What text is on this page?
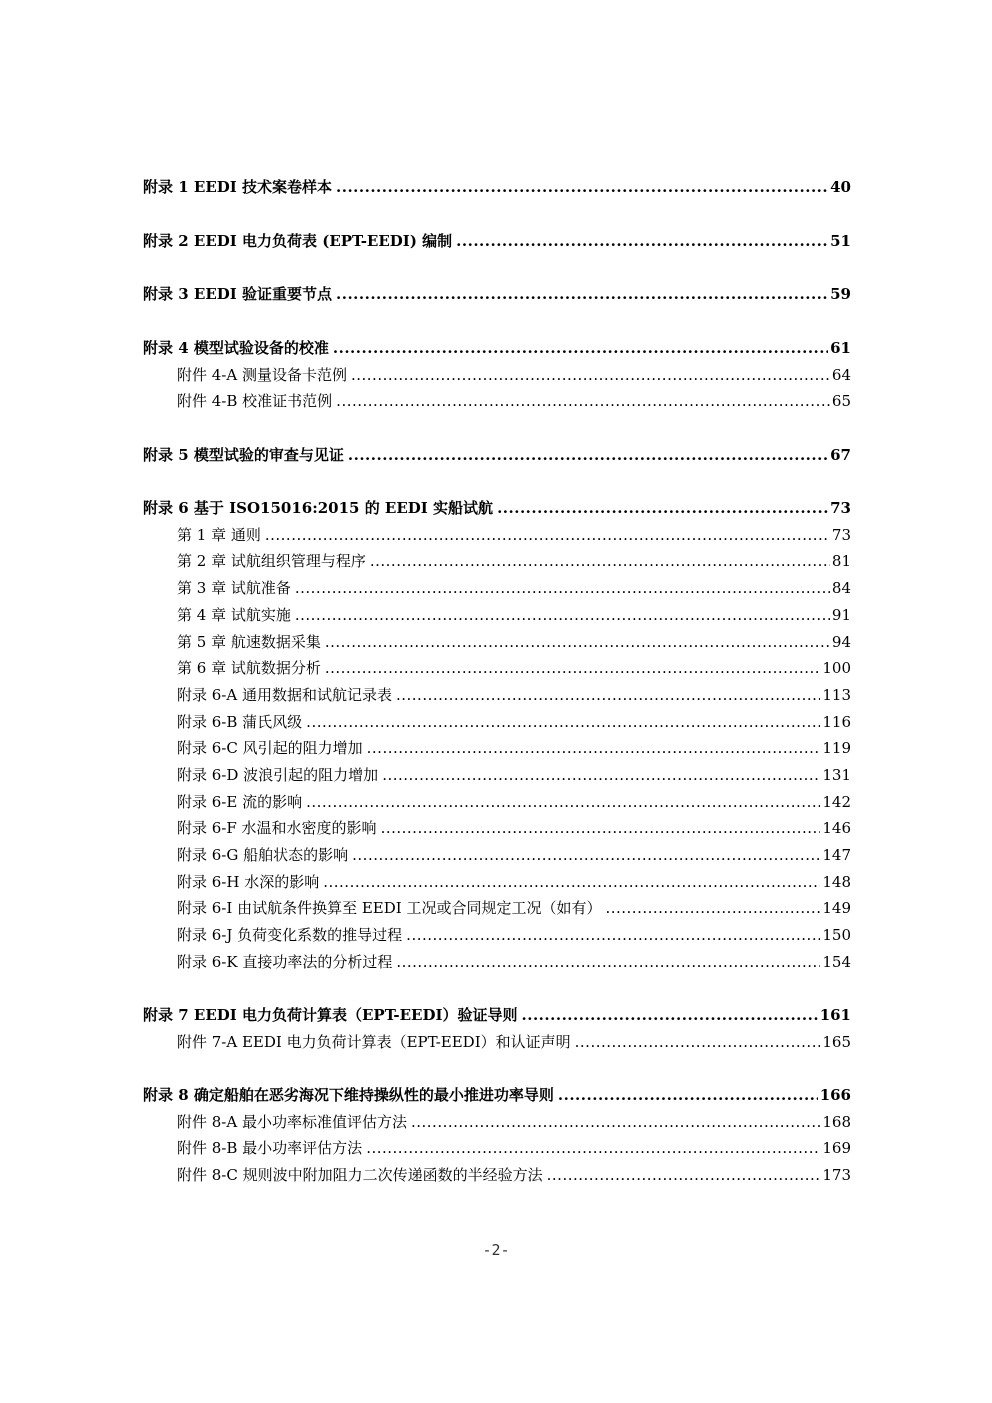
附录 1 EEDI 技术案卷样本 .....	40
附录 2 EEDI 电力负荷表 (EPT-EEDI) 编制 .....	51
附录 3 EEDI 验证重要节点 .....	59
附录 4 模型试验设备的校准 .....	61
附件 4-A 测量设备卡范例 .....	64
附件 4-B 校准证书范例 .....	65
附录 5 模型试验的审查与见证 .....	67
附录 6 基于 ISO15016:2015 的 EEDI 实船试航 .....	73
第 1 章 通则 .....	73
第 2 章 试航组织管理与程序 .....	81
第 3 章 试航准备 .....	84
第 4 章 试航实施 .....	91
第 5 章 航速数据采集 .....	94
第 6 章 试航数据分析 .....	100
附录 6-A 通用数据和试航记录表 .....	113
附录 6-B 蒲氏风级 .....	116
附录 6-C 风引起的阻力增加 .....	119
附录 6-D 波浪引起的阻力增加 .....	131
附录 6-E 流的影响 .....	142
附录 6-F 水温和水密度的影响 .....	146
附录 6-G 船舶状态的影响 .....	147
附录 6-H 水深的影响 .....	148
附录 6-I 由试航条件换算至 EEDI 工况或合同规定工况（如有） .....	149
附录 6-J 负荷变化系数的推导过程 .....	150
附录 6-K 直接功率法的分析过程 .....	154
附录 7 EEDI 电力负荷计算表（EPT-EEDI）验证导则 .....	161
附件 7-A EEDI 电力负荷计算表（EPT-EEDI）和认证声明 .....	165
附录 8 确定船舶在恶劣海况下维持操纵性的最小推进功率导则 .....	166
附件 8-A 最小功率标准值评估方法 .....	168
附件 8-B 最小功率评估方法 .....	169
附件 8-C 规则波中附加阻力二次传递函数的半经验方法 .....	173
-2-
